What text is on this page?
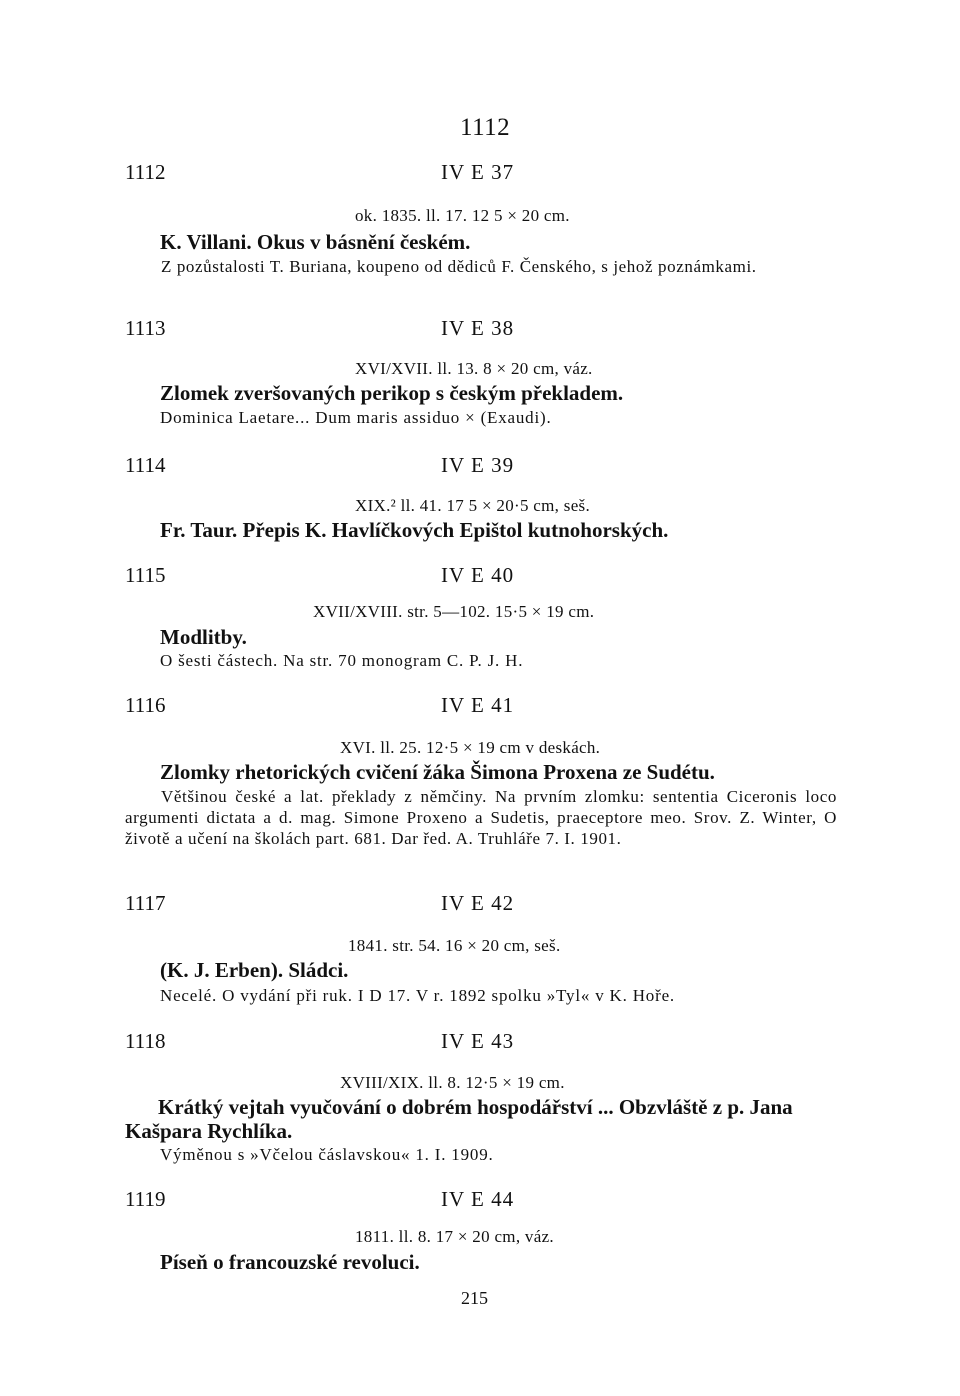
1112
1112	IV E 37
ok. 1835. ll. 17. 12 5 × 20 cm.
K. Villani. Okus v básnění českém.
Z pozůstalosti T. Buriana, koupeno od dědiců F. Čenského, s jehož poznámkami.
1113	IV E 38
XVI/XVII. ll. 13. 8 × 20 cm, váz.
Zlomek zveršovaných perikop s českým překladem.
Dominica Laetare... Dum maris assiduo × (Exaudi).
1114	IV E 39
XIX.² ll. 41. 17 5 × 20·5 cm, seš.
Fr. Taur. Přepis K. Havlíčkových Epištol kutnohorských.
1115	IV E 40
XVII/XVIII. str. 5—102. 15·5 × 19 cm.
Modlitby.
O šesti částech. Na str. 70 monogram C. P. J. H.
1116	IV E 41
XVI. ll. 25. 12·5 × 19 cm v deskách.
Zlomky rhetorických cvičení žáka Šimona Proxena ze Sudétu.
Většinou české a lat. překlady z němčiny. Na prvním zlomku: sententia Ciceronis loco argumenti dictata a d. mag. Simone Proxeno a Sudetis, praeceptore meo. Srov. Z. Winter, O životě a učení na školách part. 681. Dar řed. A. Truhláře 7. I. 1901.
1117	IV E 42
1841. str. 54. 16 × 20 cm, seš.
(K. J. Erben). Sládci.
Necelé. O vydání při ruk. I D 17. V r. 1892 spolku »Tyl« v K. Hoře.
1118	IV E 43
XVIII/XIX. ll. 8. 12·5 × 19 cm.
Krátký vejtah vyučování o dobrém hospodářství ... Obzvláště z p. Jana Kašpara Rychlíka.
Výměnou s »Včelou čáslavskou« 1. I. 1909.
1119	IV E 44
1811. ll. 8. 17 × 20 cm, váz.
Píseň o francouzské revoluci.
215
